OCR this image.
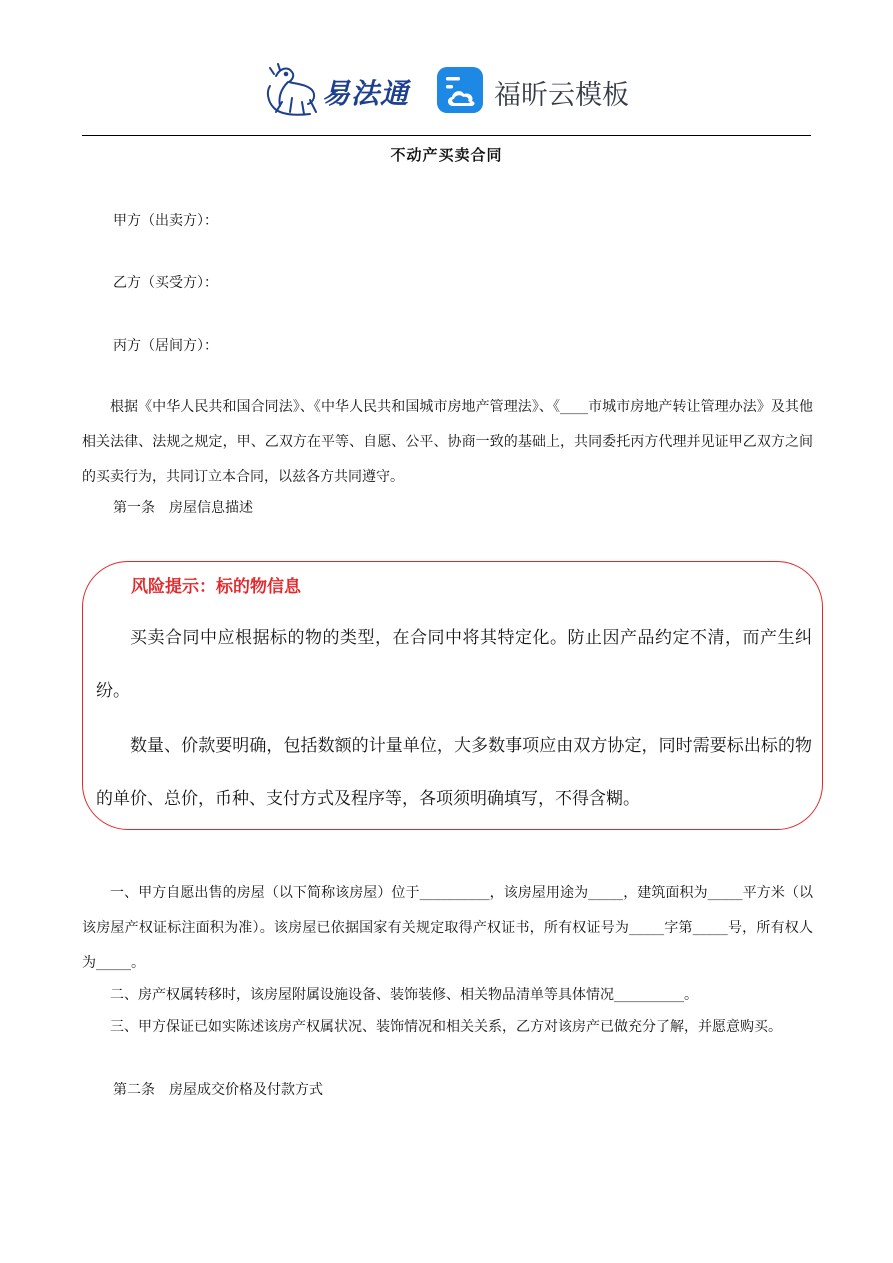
易法通	福昕云模板
不动产买卖合同
甲方（出卖方）：
乙方（买受方）：
丙方（居间方）：

根据《中华人民共和国合同法》、《中华人民共和国城市房地产管理法》、《____市城市房地产转让管理办法》及其他相关法律、法规之规定，甲、乙双方在平等、自愿、公平、协商一致的基础上，共同委托丙方代理并见证甲乙双方之间的买卖行为，共同订立本合同，以兹各方共同遵守。

第一条　房屋信息描述
风险提示：标的物信息

买卖合同中应根据标的物的类型，在合同中将其特定化。防止因产品约定不清，而产生纠纷。

数量、价款要明确，包括数额的计量单位，大多数事项应由双方协定，同时需要标出标的物的单价、总价，币种、支付方式及程序等，各项须明确填写，不得含糊。

一、甲方自愿出售的房屋（以下简称该房屋）位于__________，该房屋用途为_____，建筑面积为_____平方米（以该房屋产权证标注面积为准）。该房屋已依据国家有关规定取得产权证书，所有权证号为_____字第_____号，所有权人为_____。

二、房产权属转移时，该房屋附属设施设备、装饰装修、相关物品清单等具体情况__________。

三、甲方保证已如实陈述该房产权属状况、装饰情况和相关关系，乙方对该房产已做充分了解，并愿意购买。

第二条　房屋成交价格及付款方式
